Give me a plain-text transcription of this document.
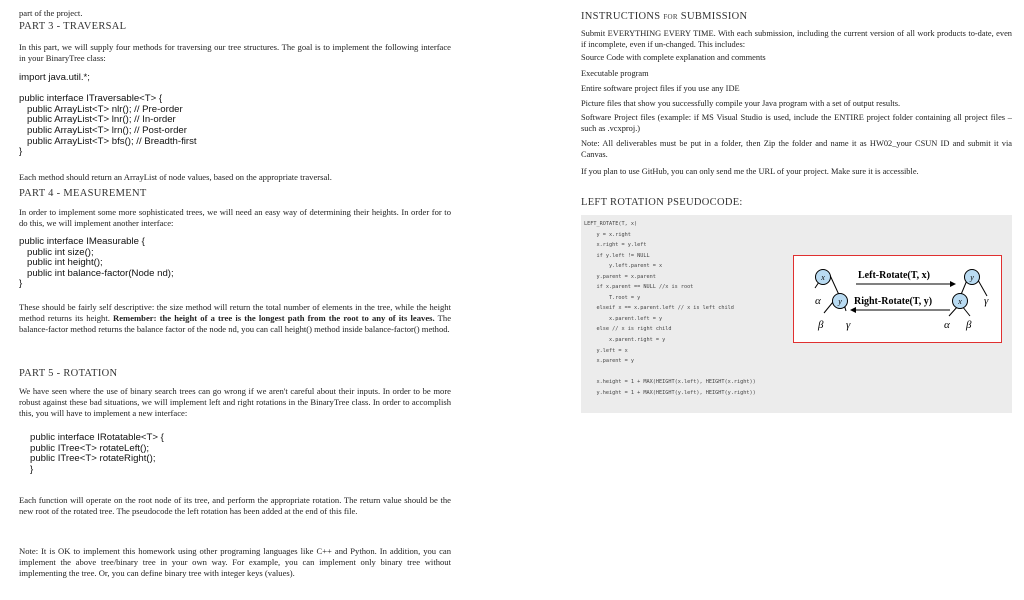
part of the project.

PART 3 - TRAVERSAL

In this part, we will supply four methods for traversing our tree structures. The goal is to implement the following interface in your BinaryTree class:

import java.util.*;

public interface ITraversable<T> {
public ArrayList<T> nlr(); // Pre-order
public ArrayList<T> lnr(); // In-order
public ArrayList<T> lrn(); // Post-order
public ArrayList<T> bfs(); // Breadth-first
}

Each method should return an ArrayList of node values, based on the appropriate traversal.

PART 4 - MEASUREMENT

In order to implement some more sophisticated trees, we will need an easy way of determining their heights. In order for to do this, we will implement another interface:

public interface IMeasurable {
public int size();
public int height();
public int balance-factor(Node nd);
}

These should be fairly self descriptive: the size method will return the total number of elements in the tree, while the height method returns its height. Remember: the height of a tree is the longest path from the root to any of its leaves. The balance-factor method returns the balance factor of the node nd, you can call height() method inside balance-factor() method.

PART 5 - ROTATION

We have seen where the use of binary search trees can go wrong if we aren't careful about their inputs. In order to be more robust against these bad situations, we will implement left and right rotations in the BinaryTree class. In order to accomplish this, you will have to implement a new interface:

public interface IRotatable<T> {
public ITree<T> rotateLeft();
public ITree<T> rotateRight();
}

Each function will operate on the root node of its tree, and perform the appropriate rotation. The return value should be the new root of the rotated tree. The pseudocode the left rotation has been added at the end of this file.

Note: It is OK to implement this homework using other programing languages like C++ and Python. In addition, you can implement the above tree/binary tree in your own way. For example, you can implement only binary tree without implementing the tree. Or, you can define binary tree with integer keys (values).

INSTRUCTIONS for SUBMISSION

Submit EVERYTHING EVERY TIME. With each submission, including the current version of all work products to-date, even if incomplete, even if un-changed. This includes:

Source Code with complete explanation and comments

Executable program

Entire software project files if you use any IDE

Picture files that show you successfully compile your Java program with a set of output results.

Software Project files (example: if MS Visual Studio is used, include the ENTIRE project folder containing all project files – such as .vcxproj.)

Note: All deliverables must be put in a folder, then Zip the folder and name it as HW02_your CSUN ID and submit it via Canvas.

If you plan to use GitHub, you can only send me the URL of your project. Make sure it is accessible.

LEFT ROTATION PSEUDOCODE:

LEFT_ROTATE(T, x)
y = x.right
x.right = y.left
if y.left != NULL
y.left.parent = x
y.parent = x.parent
if x.parent == NULL //x is root
T.root = y
elseif x == x.parent.left // x is left child
x.parent.left = y
else // x is right child
x.parent.right = y
y.left = x
x.parent = y

x.height = 1 + MAX(HEIGHT(x.left), HEIGHT(x.right))
y.height = 1 + MAX(HEIGHT(y.left), HEIGHT(y.right))

x
y
α
β γ
Left-Rotate(T, x)
Right-Rotate(T, y)
y
x γ
α β
